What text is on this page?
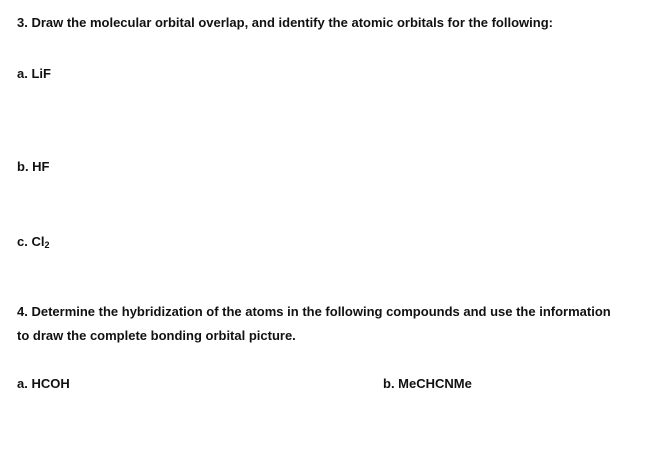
3. Draw the molecular orbital overlap, and identify the atomic orbitals for the following:
a. LiF
b. HF
c. $Cl_2$
4. Determine the hybridization of the atoms in the following compounds and use the information
to draw the complete bonding orbital picture.
a. HCOH	b. MeCHCNMe
